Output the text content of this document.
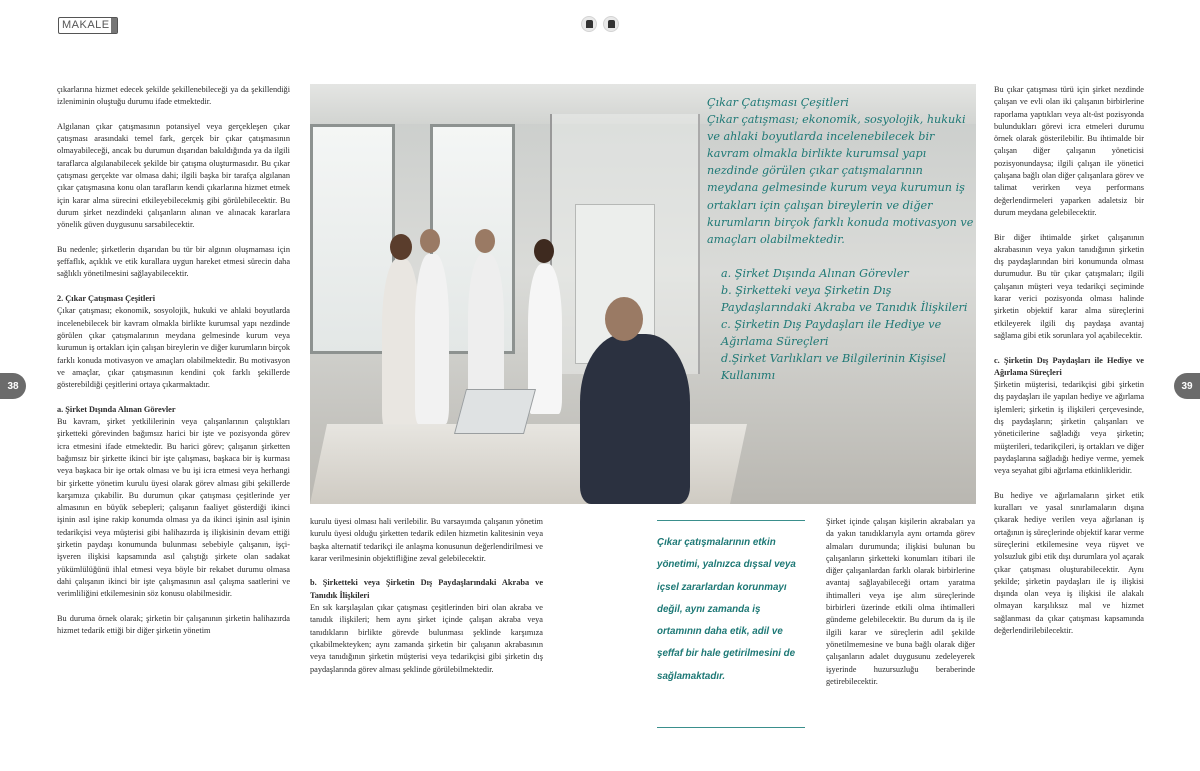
MAKALE
38	39

çıkarlarına hizmet edecek şekilde şekillenebileceği ya da şekillendiği izleniminin oluştuğu durumu ifade etmektedir.

Algılanan çıkar çatışmasının potansiyel veya gerçekleşen çıkar çatışması arasındaki temel fark, gerçek bir çıkar çatışmasının olmayabileceği, ancak bu durumun dışarıdan bakıldığında ya da ilgili taraflarca algılanabilecek şekilde bir çatışma oluşturmasıdır. Bu çıkar çatışması gerçekte var olmasa dahi; ilgili başka bir tarafça algılanan çıkar çatışmasına konu olan tarafların kendi çıkarlarına hizmet etmek için karar alma sürecini etkileyebilecekmiş gibi görülebilecektir. Bu durum şirket nezdindeki çalışanların alınan ve alınacak kararlara yönelik güven duygusunu sarsabilecektir.

Bu nedenle; şirketlerin dışarıdan bu tür bir algının oluşmaması için şeffaflık, açıklık ve etik kurallara uygun hareket etmesi sürecin daha sağlıklı yönetilmesini sağlayabilecektir.

2. Çıkar Çatışması Çeşitleri

Çıkar çatışması; ekonomik, sosyolojik, hukuki ve ahlaki boyutlarda incelenebilecek bir kavram olmakla birlikte kurumsal yapı nezdinde görülen çıkar çatışmalarının meydana gelmesinde kurum veya kurumun iş ortakları için çalışan bireylerin ve diğer kurumların birçok farklı konuda motivasyon ve amaçları olabilmektedir. Bu motivasyon ve amaçlar, çıkar çatışmasının kendini çok farklı şekillerde gösterebildiği çeşitlerini ortaya çıkarmaktadır.

a. Şirket Dışında Alınan Görevler

Bu kavram, şirket yetkililerinin veya çalışanlarının çalıştıkları şirketteki görevinden bağımsız harici bir işte ve pozisyonda görev icra etmesini ifade etmektedir. Bu harici görev; çalışanın şirketten bağımsız bir şirkette ikinci bir işte çalışması, başkaca bir iş kurması veya başkaca bir işe ortak olması ve bu işi icra etmesi veya herhangi bir şirkette yönetim kurulu üyesi olarak görev alması gibi şekillerde karşımıza çıkabilir. Bu durumun çıkar çatışması çeşitlerinde yer almasının en büyük sebepleri; çalışanın faaliyet gösterdiği ikinci işinin asıl işine rakip konumda olması ya da ikinci işinin asıl işinin tedarikçisi veya müşterisi gibi halihazırda iş ilişkisinin devam ettiği şirketin paydaşı konumunda bulunması sebebiyle çalışanın, işçi-işveren ilişkisi kapsamında asıl çalıştığı şirkete olan sadakat yükümlülüğünü ihlal etmesi veya böyle bir rekabet durumu olmasa dahi çalışanın ikinci bir işte çalışmasının asıl çalışma saatlerini ve verimliliğini etkilemesinin söz konusu olabilmesidir.

Bu duruma örnek olarak; şirketin bir çalışanının şirketin halihazırda hizmet tedarik ettiği bir diğer şirketin yönetim

Çıkar Çatışması Çeşitleri
Çıkar çatışması; ekonomik, sosyolojik, hukuki ve ahlaki boyutlarda incelenebilecek bir kavram olmakla birlikte kurumsal yapı nezdinde görülen çıkar çatışmalarının meydana gelmesinde kurum veya kurumun iş ortakları için çalışan bireylerin ve diğer kurumların birçok farklı konuda motivasyon ve amaçları olabilmektedir.
a. Şirket Dışında Alınan Görevler
b. Şirketteki veya Şirketin Dış Paydaşlarındaki Akraba ve Tanıdık İlişkileri
c. Şirketin Dış Paydaşları ile Hediye ve Ağırlama Süreçleri
d.Şirket Varlıkları ve Bilgilerinin Kişisel Kullanımı

kurulu üyesi olması hali verilebilir. Bu varsayımda çalışanın yönetim kurulu üyesi olduğu şirketten tedarik edilen hizmetin kalitesinin veya başka alternatif tedarikçi ile anlaşma konusunun değerlendirilmesi ve karar verilmesinin objektifliğine zeval gelebilecektir.

b. Şirketteki veya Şirketin Dış Paydaşlarındaki Akraba ve Tanıdık İlişkileri

En sık karşılaşılan çıkar çatışması çeşitlerinden biri olan akraba ve tanıdık ilişkileri; hem aynı şirket içinde çalışan akraba veya tanıdıkların birlikte görevde bulunması şeklinde karşımıza çıkabilmekteyken; aynı zamanda şirketin bir çalışanın akrabasının veya tanıdığının şirketin müşterisi veya tedarikçisi gibi şirketin dış paydaşlarında görev alması şeklinde görülebilmektedir.

Çıkar çatışmalarının etkin yönetimi, yalnızca dışsal veya içsel zararlardan korunmayı değil, aynı zamanda iş ortamının daha etik, adil ve şeffaf bir hale getirilmesini de sağlamaktadır.

Şirket içinde çalışan kişilerin akrabaları ya da yakın tanıdıklarıyla aynı ortamda görev almaları durumunda; ilişkisi bulunan bu çalışanların şirketteki konumları itibari ile diğer çalışanlardan farklı olarak birbirlerine avantaj sağlayabileceği ortam yaratma ihtimalleri veya işe alım süreçlerinde birbirleri üzerinde etkili olma ihtimalleri gündeme gelebilecektir. Bu durum da iş ile ilgili karar ve süreçlerin adil şekilde yönetilmemesine ve buna bağlı olarak diğer çalışanların adalet duygusunu zedeleyerek işyerinde huzursuzluğu beraberinde getirebilecektir.

Bu çıkar çatışması türü için şirket nezdinde çalışan ve evli olan iki çalışanın birbirlerine raporlama yaptıkları veya alt-üst pozisyonda bulundukları görevi icra etmeleri durumu örnek olarak gösterilebilir. Bu ihtimalde bir çalışan diğer çalışanın yöneticisi pozisyonundaysa; ilgili çalışan ile yönetici çalışana bağlı olan diğer çalışanlara görev ve talimat verirken veya performans değerlendirmeleri yaparken adaletsiz bir durum meydana gelebilecektir.

Bir diğer ihtimalde şirket çalışanının akrabasının veya yakın tanıdığının şirketin dış paydaşlarından biri konumunda olması durumudur. Bu tür çıkar çatışmaları; ilgili çalışanın müşteri veya tedarikçi seçiminde karar verici pozisyonda olması halinde şirketin objektif karar alma süreçlerini etkileyerek ilgili dış paydaşa avantaj sağlama gibi etik sorunlara yol açabilecektir.

c. Şirketin Dış Paydaşları ile Hediye ve Ağırlama Süreçleri

Şirketin müşterisi, tedarikçisi gibi şirketin dış paydaşları ile yapılan hediye ve ağırlama işlemleri; şirketin iş ilişkileri çerçevesinde, dış paydaşların; şirketin çalışanları ve yöneticilerine sağladığı veya şirketin; müşterileri, tedarikçileri, iş ortakları ve diğer paydaşlarına sağladığı hediye verme, yemek veya seyahat gibi ağırlama etkinlikleridir.

Bu hediye ve ağırlamaların şirket etik kuralları ve yasal sınırlamaların dışına çıkarak hediye verilen veya ağırlanan iş ortağının iş süreçlerinde objektif karar verme süreçlerini etkilemesine veya rüşvet ve yolsuzluk gibi etik dışı durumlara yol açarak çıkar çatışması oluşturabilecektir. Aynı şekilde; şirketin paydaşları ile iş ilişkisi dışında olan veya iş ilişkisi ile alakalı olmayan karşılıksız mal ve hizmet sağlanması da çıkar çatışması kapsamında değerlendirilebilecektir.
